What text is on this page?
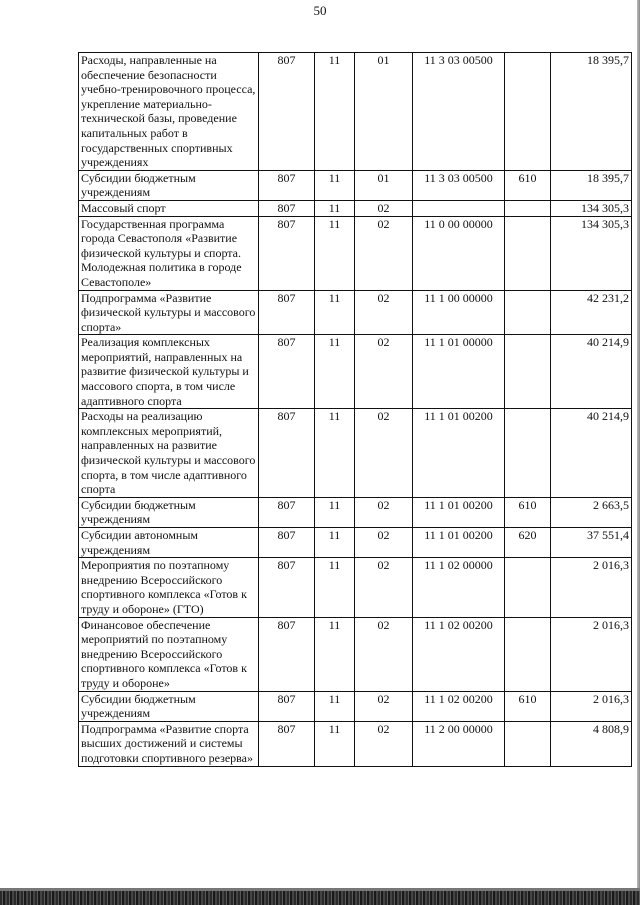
50
Расходы, направленные на обеспечение безопасности учебно-тренировочного процесса, укрепление материально-технической базы, проведение капитальных работ в государственных спортивных учреждениях	807	11	01	11 3 03 00500		18 395,7
Субсидии бюджетным учреждениям	807	11	01	11 3 03 00500	610	18 395,7
Массовый спорт	807	11	02			134 305,3
Государственная программа города Севастополя «Развитие физической культуры и спорта. Молодежная политика в городе Севастополе»	807	11	02	11 0 00 00000		134 305,3
Подпрограмма «Развитие физической культуры и массового спорта»	807	11	02	11 1 00 00000		42 231,2
Реализация комплексных мероприятий, направленных на развитие физической культуры и массового спорта, в том числе адаптивного спорта	807	11	02	11 1 01 00000		40 214,9
Расходы на реализацию комплексных мероприятий, направленных на развитие физической культуры и массового спорта, в том числе адаптивного спорта	807	11	02	11 1 01 00200		40 214,9
Субсидии бюджетным учреждениям	807	11	02	11 1 01 00200	610	2 663,5
Субсидии автономным учреждениям	807	11	02	11 1 01 00200	620	37 551,4
Мероприятия по поэтапному внедрению Всероссийского спортивного комплекса «Готов к труду и обороне» (ГТО)	807	11	02	11 1 02 00000		2 016,3
Финансовое обеспечение мероприятий по поэтапному внедрению Всероссийского спортивного комплекса «Готов к труду и обороне»	807	11	02	11 1 02 00200		2 016,3
Субсидии бюджетным учреждениям	807	11	02	11 1 02 00200	610	2 016,3
Подпрограмма «Развитие спорта высших достижений и системы подготовки спортивного резерва»	807	11	02	11 2 00 00000		4 808,9
